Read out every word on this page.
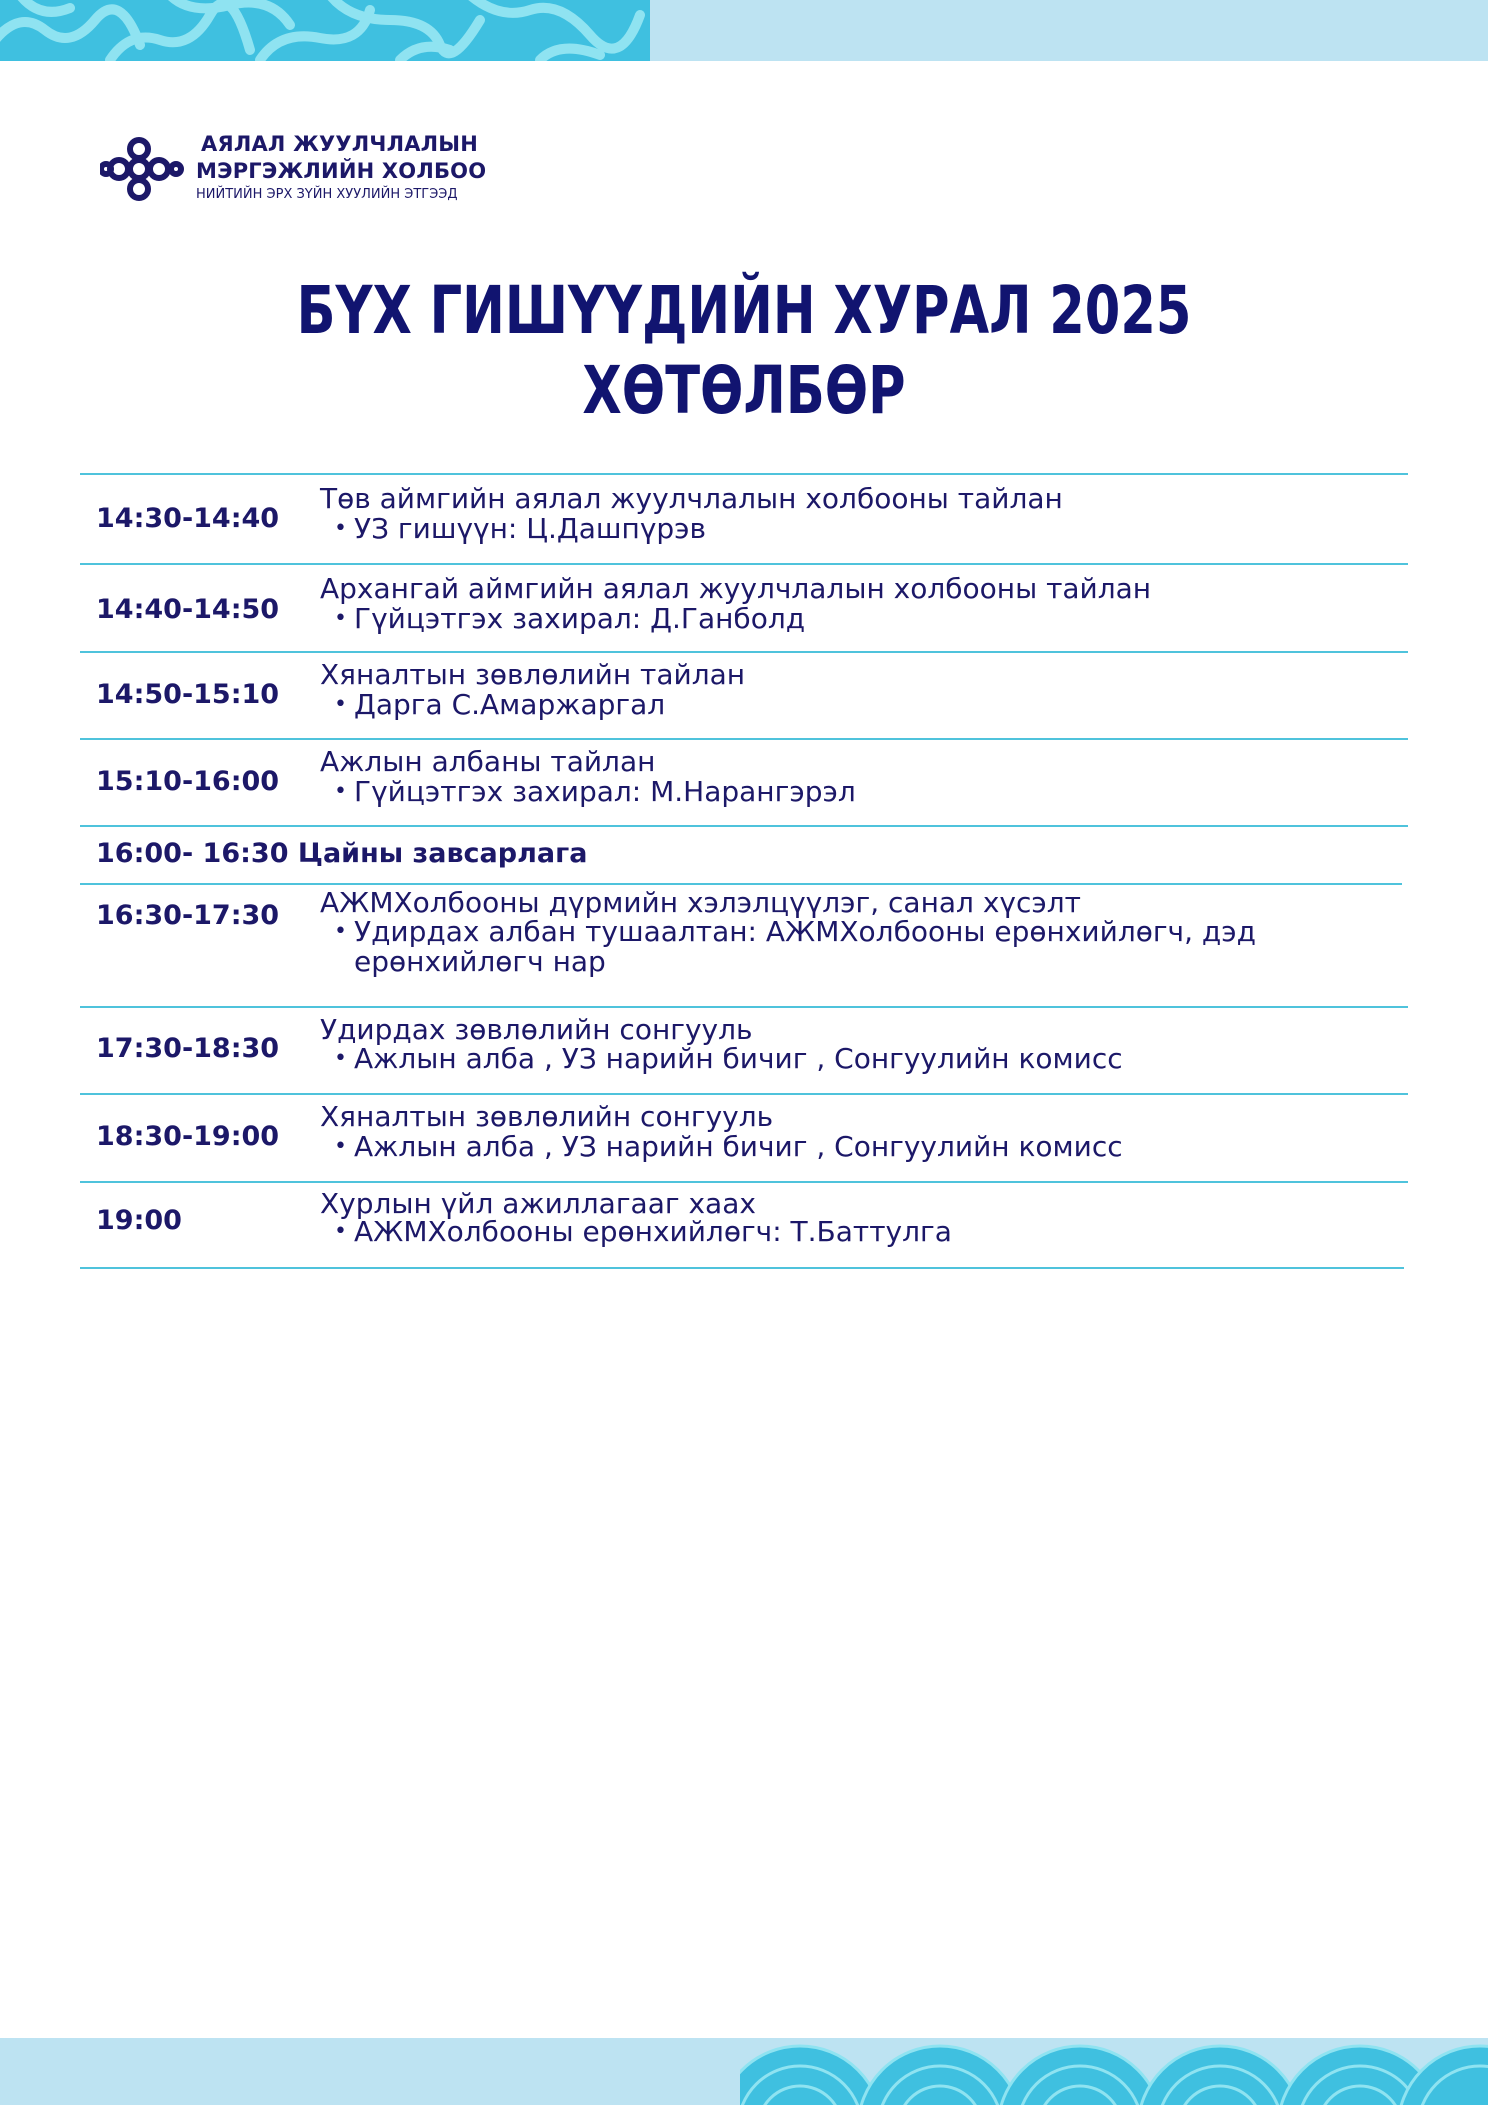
АЯЛАЛ ЖУУЛЧЛАЛЫН
МЭРГЭЖЛИЙН ХОЛБОО
НИЙТИЙН ЭРХ ЗҮЙН ХУУЛИЙН ЭТГЭЭД
БҮХ ГИШҮҮДИЙН ХУРАЛ 2025
ХӨТӨЛБӨР
14:30-14:40
Төв аймгийн аялал жуулчлалын холбооны тайлан
• УЗ гишүүн: Ц.Дашпүрэв
14:40-14:50
Архангай аймгийн аялал жуулчлалын холбооны тайлан
• Гүйцэтгэх захирал: Д.Ганболд
14:50-15:10
Хяналтын зөвлөлийн тайлан
• Дарга С.Амаржаргал
15:10-16:00
Ажлын албаны тайлан
• Гүйцэтгэх захирал: М.Нарангэрэл
16:00- 16:30 Цайны завсарлага
16:30-17:30 АЖМХолбооны дүрмийн хэлэлцүүлэг, санал хүсэлт
• Удирдах албан тушаалтан: АЖМХолбооны ерөнхийлөгч, дэд
ерөнхийлөгч нар
17:30-18:30
Удирдах зөвлөлийн сонгууль
• Ажлын алба , УЗ нарийн бичиг , Сонгуулийн комисс
18:30-19:00
Хяналтын зөвлөлийн сонгууль
• Ажлын алба , УЗ нарийн бичиг , Сонгуулийн комисс
19:00
Хурлын үйл ажиллагааг хаах
• АЖМХолбооны ерөнхийлөгч: Т.Баттулга
